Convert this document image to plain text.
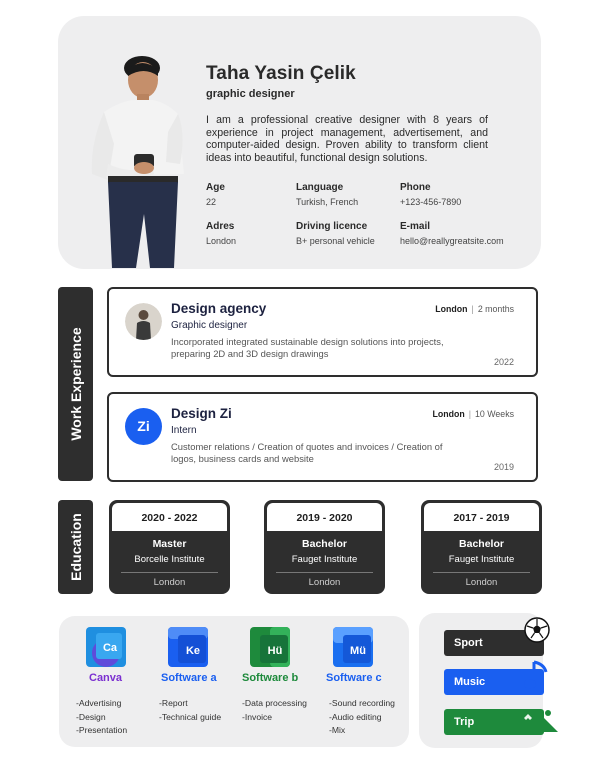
Taha Yasin Çelik
graphic designer
I am a professional creative designer with 8 years of experience in project management, advertisement, and computer-aided design. Proven ability to transform client ideas into beautiful, functional design solutions.
Age
22
Language
Turkish, French
Phone
+123-456-7890
Adres
London
Driving licence
B+ personal vehicle
E-mail
hello@reallygreatsite.com
Work Experience
Design agency
Graphic designer
Incorporated integrated sustainable design solutions into projects, preparing 2D and 3D design drawings
London | 2 months
2022
Zi
Design Zi
Intern
Customer relations / Creation of quotes and invoices / Creation of logos, business cards and website
London | 10 Weeks
2019
Education	2020 - 2022
Master
Borcelle Institute
London
2019 - 2020
Bachelor
Fauget Institute
London
2017 - 2019
Bachelor
Fauget Institute
London
Ca
Canva
-Advertising
-Design
-Presentation
Ke
Software a
-Report
-Technical guide
Hü
Software b
-Data processing
-Invoice
Mü
Software c
-Sound recording
-Audio editing
-Mix
Sport
Music
Trip
